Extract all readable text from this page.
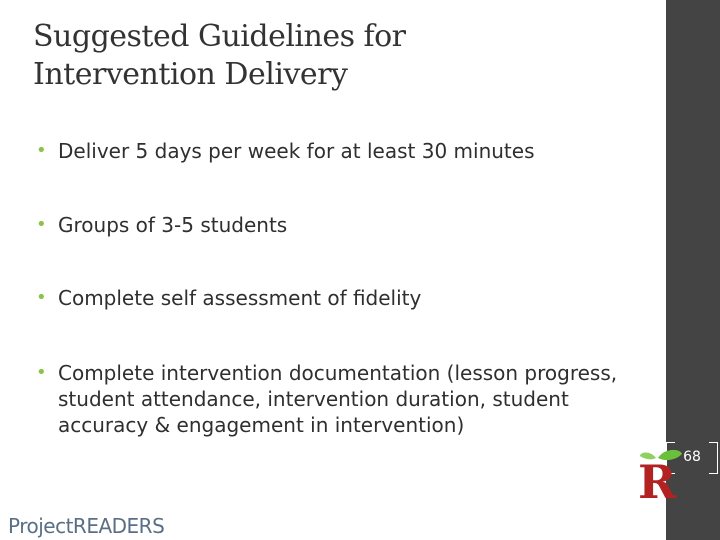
Suggested Guidelines for
Intervention Delivery
• Deliver 5 days per week for at least 30 minutes
• Groups of 3-5 students
• Complete self assessment of fidelity
• Complete intervention documentation (lesson progress, student attendance, intervention duration, student accuracy & engagement in intervention)
68
R
ProjectREADERS
